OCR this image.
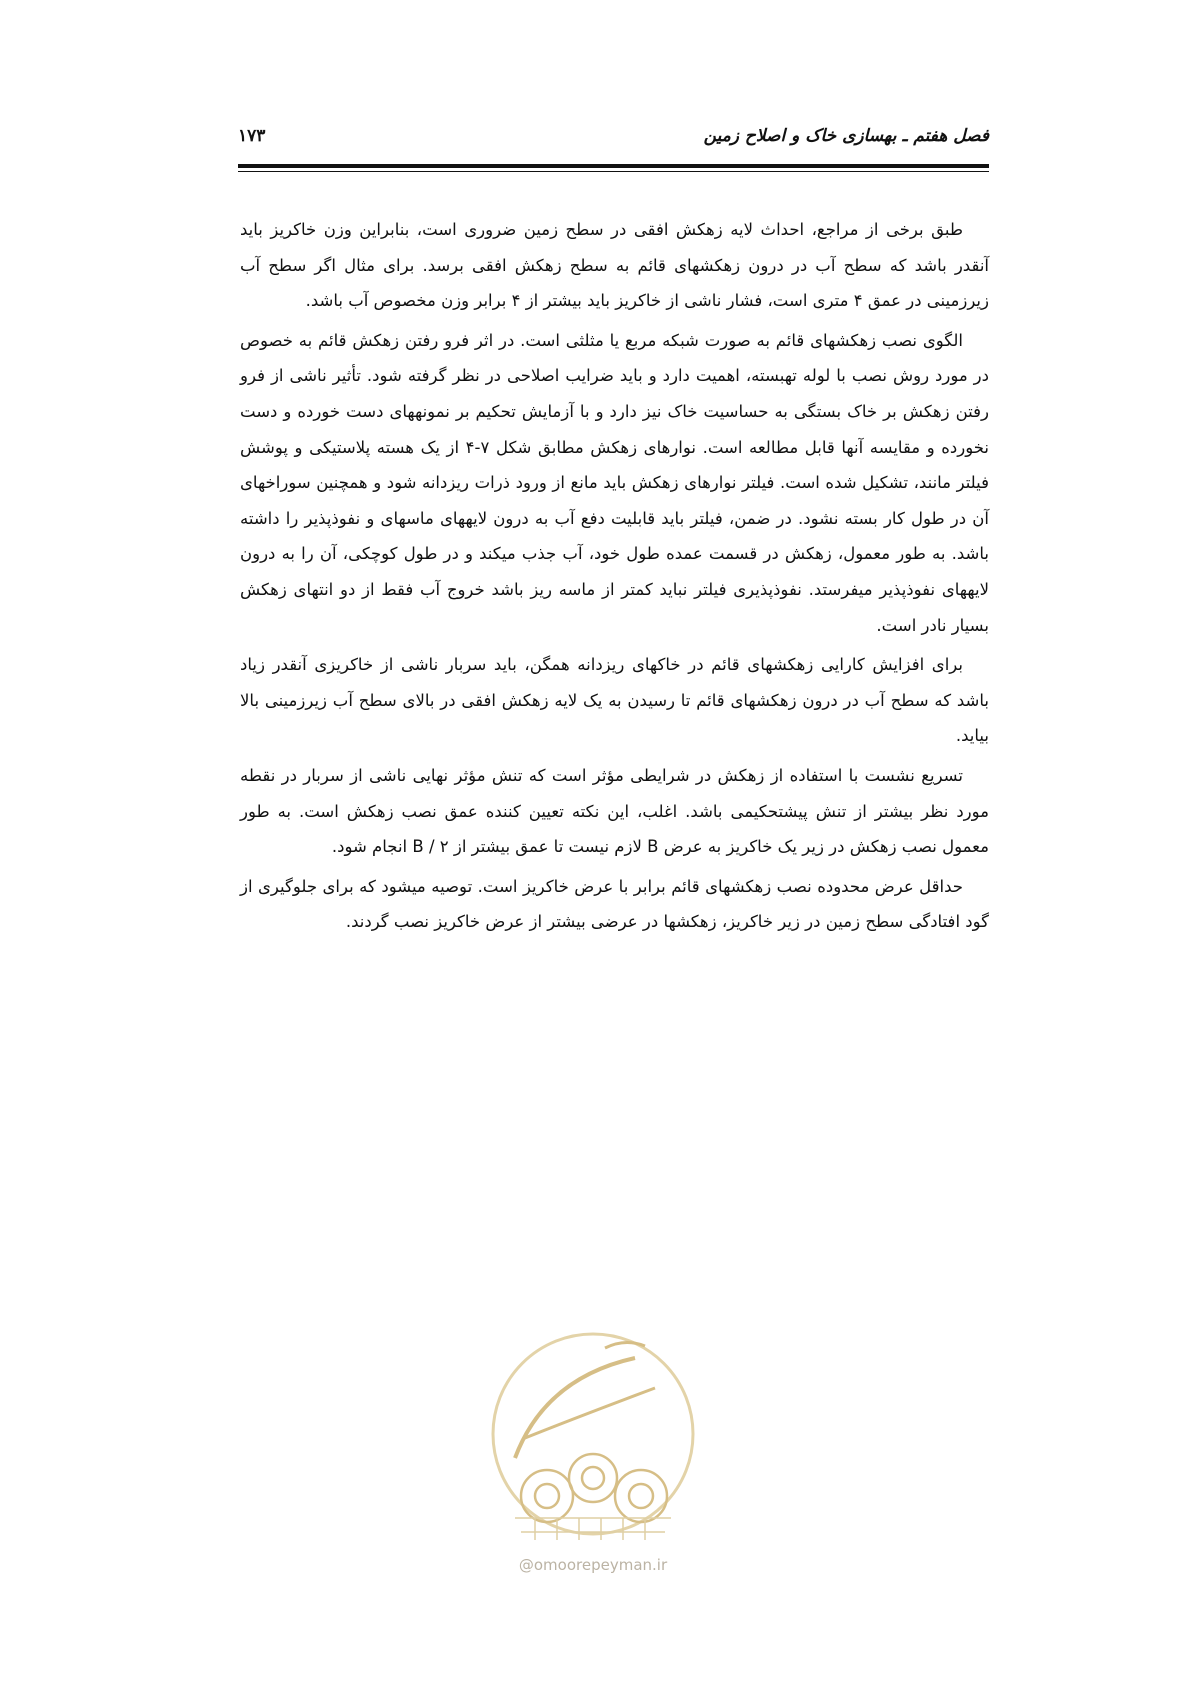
فصل هفتم ـ بهسازی خاک و اصلاح زمین
۱۷۳

طبق برخی از مراجع، احداث لایه زهکش افقی در سطح زمین ضروری است، بنابراین وزن خاکریز باید آنقدر باشد که سطح آب در درون زهکشهای قائم به سطح زهکش افقی برسد. برای مثال اگر سطح آب زیرزمینی در عمق ۴ متری است، فشار ناشی از خاکریز باید بیشتر از ۴ برابر وزن مخصوص آب باشد.

الگوی نصب زهکشهای قائم به صورت شبکه مربع یا مثلثی است. در اثر فرو رفتن زهکش قائم به خصوص در مورد روش نصب با لوله تهبسته، اهمیت دارد و باید ضرایب اصلاحی در نظر گرفته شود. تأثیر ناشی از فرو رفتن زهکش بر خاک بستگی به حساسیت خاک نیز دارد و با آزمایش تحکیم بر نمونههای دست خورده و دست نخورده و مقایسه آنها قابل مطالعه است. نوارهای زهکش مطابق شکل ۷-۴ از یک هسته پلاستیکی و پوشش فیلتر مانند، تشکیل شده است. فیلتر نوارهای زهکش باید مانع از ورود ذرات ریزدانه شود و همچنین سوراخهای آن در طول کار بسته نشود. در ضمن، فیلتر باید قابلیت دفع آب به درون لایههای ماسهای و نفوذپذیر را داشته باشد. به طور معمول، زهکش در قسمت عمده طول خود، آب جذب میکند و در طول کوچکی، آن را به درون لایههای نفوذپذیر میفرستد. نفوذپذیری فیلتر نباید کمتر از ماسه ریز باشد خروج آب فقط از دو انتهای زهکش بسیار نادر است.

برای افزایش کارایی زهکشهای قائم در خاکهای ریزدانه همگن، باید سربار ناشی از خاکریزی آنقدر زیاد باشد که سطح آب در درون زهکشهای قائم تا رسیدن به یک لایه زهکش افقی در بالای سطح آب زیرزمینی بالا بیاید.

تسریع نشست با استفاده از زهکش در شرایطی مؤثر است که تنش مؤثر نهایی ناشی از سربار در نقطه مورد نظر بیشتر از تنش پیشتحکیمی باشد. اغلب، این نکته تعیین کننده عمق نصب زهکش است. به طور معمول نصب زهکش در زیر یک خاکریز به عرض B لازم نیست تا عمق بیشتر از B / ۲ انجام شود.

حداقل عرض محدوده نصب زهکشهای قائم برابر با عرض خاکریز است. توصیه میشود که برای جلوگیری از گود افتادگی سطح زمین در زیر خاکریز، زهکشها در عرضی بیشتر از عرض خاکریز نصب گردند.

@omoorepeyman.ir
